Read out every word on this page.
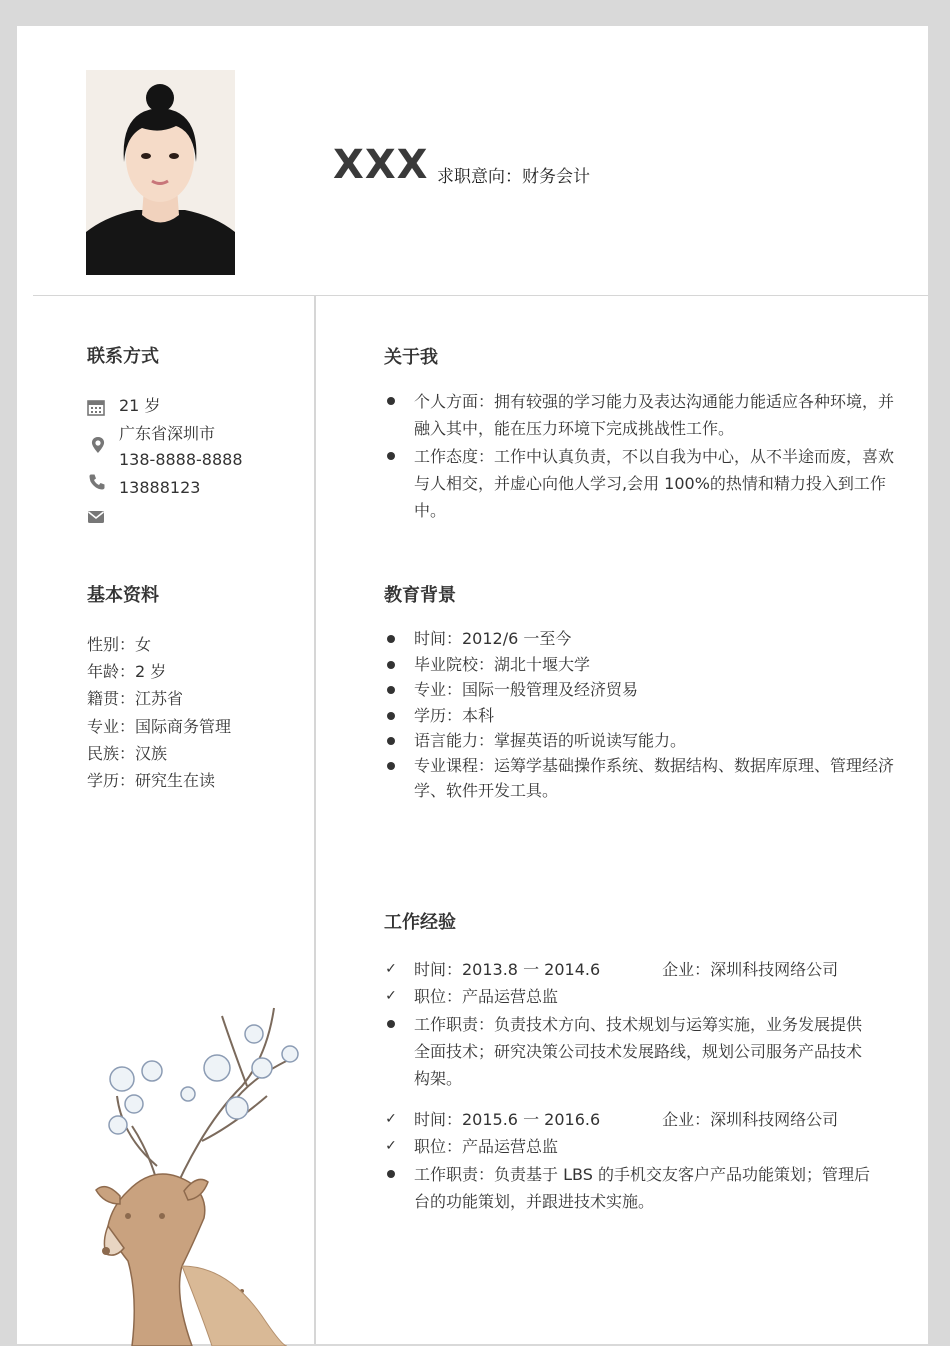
XXX 求职意向：财务会计
联系方式
21 岁
广东省深圳市
138-8888-8888
13888123
基本资料
性别：女
年龄：2 岁
籍贯：江苏省
专业：国际商务管理
民族：汉族
学历：研究生在读
关于我
个人方面：拥有较强的学习能力及表达沟通能力能适应各种环境，并融入其中，能在压力环境下完成挑战性工作。
工作态度：工作中认真负责，不以自我为中心，从不半途而废，喜欢与人相交，并虚心向他人学习,会用 100%的热情和精力投入到工作中。
教育背景
时间：2012/6 一至今
毕业院校：湖北十堰大学
专业：国际一般管理及经济贸易
学历：本科
语言能力：掌握英语的听说读写能力。
专业课程：运筹学基础操作系统、数据结构、数据库原理、管理经济学、软件开发工具。
工作经验
✓ 时间：2013.8 一 2014.6	企业：深圳科技网络公司
✓ 职位：产品运营总监
工作职责：负责技术方向、技术规划与运筹实施，业务发展提供全面技术；研究决策公司技术发展路线，规划公司服务产品技术构架。
✓ 时间：2015.6 一 2016.6	企业：深圳科技网络公司
✓ 职位：产品运营总监
工作职责：负责基于 LBS 的手机交友客户产品功能策划；管理后台的功能策划，并跟进技术实施。
